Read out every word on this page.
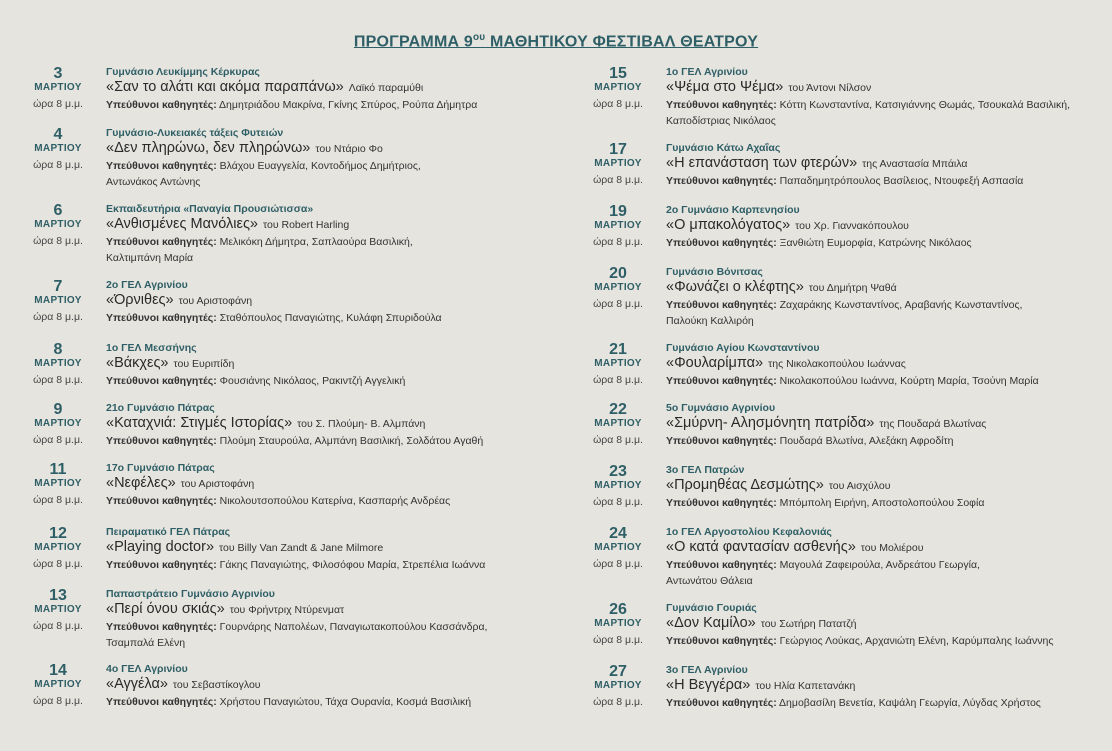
ΠΡΟΓΡΑΜΜΑ $9^{o\upsilon}$ ΜΑΘΗΤΙΚΟΥ ΦΕΣΤΙΒΑΛ ΘΕΑΤΡΟΥ
3
ΜΑΡΤΙΟΥ
ώρα 8 μ.μ.
Γυμνάσιο Λευκίμμης Κέρκυρας
«Σαν το αλάτι και ακόμα παραπάνω» Λαϊκό παραμύθι
Υπεύθυνοι καθηγητές: Δημητριάδου Μακρίνα, Γκίνης Σπύρος, Ρούπα Δήμητρα
4
ΜΑΡΤΙΟΥ
ώρα 8 μ.μ.
Γυμνάσιο-Λυκειακές τάξεις Φυτειών
«Δεν πληρώνω, δεν πληρώνω» του Ντάριο Φο
Υπεύθυνοι καθηγητές: Βλάχου Ευαγγελία, Κοντοδήμος Δημήτριος,
Αντωνάκος Αντώνης
6
ΜΑΡΤΙΟΥ
ώρα 8 μ.μ.
Εκπαιδευτήρια «Παναγία Προυσιώτισσα»
«Ανθισμένες Μανόλιες» του Robert Harling
Υπεύθυνοι καθηγητές: Μελικόκη Δήμητρα, Σαπλαούρα Βασιλική,
Καλτιμπάνη Μαρία
7
ΜΑΡΤΙΟΥ
ώρα 8 μ.μ.
2ο ΓΕΛ Αγρινίου
«Όρνιθες» του Αριστοφάνη
Υπεύθυνοι καθηγητές: Σταθόπουλος Παναγιώτης, Κυλάφη Σπυριδούλα
8
ΜΑΡΤΙΟΥ
ώρα 8 μ.μ.
1ο ΓΕΛ Μεσσήνης
«Βάκχες» του Ευριπίδη
Υπεύθυνοι καθηγητές: Φουσιάνης Νικόλαος, Ρακιντζή Αγγελική
9
ΜΑΡΤΙΟΥ
ώρα 8 μ.μ.
21ο Γυμνάσιο Πάτρας
«Καταχνιά: Στιγμές Ιστορίας» του Σ. Πλούμη- Β. Αλμπάνη
Υπεύθυνοι καθηγητές: Πλούμη Σταυρούλα, Αλμπάνη Βασιλική, Σολδάτου Αγαθή
11
ΜΑΡΤΙΟΥ
ώρα 8 μ.μ.
17ο Γυμνάσιο Πάτρας
«Νεφέλες» του Αριστοφάνη
Υπεύθυνοι καθηγητές: Νικολουτσοπούλου Κατερίνα, Κασπαρής Ανδρέας
12
ΜΑΡΤΙΟΥ
ώρα 8 μ.μ.
Πειραματικό ΓΕΛ Πάτρας
«Playing doctor» του Billy Van Zandt & Jane Milmore
Υπεύθυνοι καθηγητές: Γάκης Παναγιώτης, Φιλοσόφου Μαρία, Στρεπέλια Ιωάννα
13
ΜΑΡΤΙΟΥ
ώρα 8 μ.μ.
Παπαστράτειο Γυμνάσιο Αγρινίου
«Περί όνου σκιάς» του Φρήντριχ Ντύρενματ
Υπεύθυνοι καθηγητές: Γουρνάρης Ναπολέων, Παναγιωτακοπούλου Κασσάνδρα,
Τσαμπαλά Ελένη
14
ΜΑΡΤΙΟΥ
ώρα 8 μ.μ.
4ο ΓΕΛ Αγρινίου
«Αγγέλα» του Σεβαστίκογλου
Υπεύθυνοι καθηγητές: Χρήστου Παναγιώτου, Τάχα Ουρανία, Κοσμά Βασιλική
15
ΜΑΡΤΙΟΥ
ώρα 8 μ.μ.
1ο ΓΕΛ Αγρινίου
«Ψέμα στο Ψέμα» του Άντονι Νίλσον
Υπεύθυνοι καθηγητές: Κόττη Κωνσταντίνα, Κατσιγιάννης Θωμάς, Τσουκαλά Βασιλική,
Καποδίστριας Νικόλαος
17
ΜΑΡΤΙΟΥ
ώρα 8 μ.μ.
Γυμνάσιο Κάτω Αχαΐας
«Η επανάσταση των φτερών» της Αναστασία Μπάιλα
Υπεύθυνοι καθηγητές: Παπαδημητρόπουλος Βασίλειος, Ντουφεξή Ασπασία
19
ΜΑΡΤΙΟΥ
ώρα 8 μ.μ.
2ο Γυμνάσιο Καρπενησίου
«Ο μπακολόγατος» του Χρ. Γιαννακόπουλου
Υπεύθυνοι καθηγητές: Ξανθιώτη Ευμορφία, Κατρώνης Νικόλαος
20
ΜΑΡΤΙΟΥ
ώρα 8 μ.μ.
Γυμνάσιο Βόνιτσας
«Φωνάζει ο κλέφτης» του Δημήτρη Ψαθά
Υπεύθυνοι καθηγητές: Ζαχαράκης Κωνσταντίνος, Αραβανής Κωνσταντίνος,
Παλούκη Καλλιρόη
21
ΜΑΡΤΙΟΥ
ώρα 8 μ.μ.
Γυμνάσιο Αγίου Κωνσταντίνου
«Φουλαρίμπα» της Νικολακοπούλου Ιωάννας
Υπεύθυνοι καθηγητές: Νικολακοπούλου Ιωάννα, Κούρτη Μαρία, Τσούνη Μαρία
22
ΜΑΡΤΙΟΥ
ώρα 8 μ.μ.
5ο Γυμνάσιο Αγρινίου
«Σμύρνη- Αλησμόνητη πατρίδα» της Πουδαρά Βλωτίνας
Υπεύθυνοι καθηγητές: Πουδαρά Βλωτίνα, Αλεξάκη Αφροδίτη
23
ΜΑΡΤΙΟΥ
ώρα 8 μ.μ.
3ο ΓΕΛ Πατρών
«Προμηθέας Δεσμώτης» του Αισχύλου
Υπεύθυνοι καθηγητές: Μπόμπολη Ειρήνη, Αποστολοπούλου Σοφία
24
ΜΑΡΤΙΟΥ
ώρα 8 μ.μ.
1ο ΓΕΛ Αργοστολίου Κεφαλονιάς
«Ο κατά φαντασίαν ασθενής» του Μολιέρου
Υπεύθυνοι καθηγητές: Μαγουλά Ζαφειρούλα, Ανδρεάτου Γεωργία,
Αντωνάτου Θάλεια
26
ΜΑΡΤΙΟΥ
ώρα 8 μ.μ.
Γυμνάσιο Γουριάς
«Δον Καμίλο» του Σωτήρη Πατατζή
Υπεύθυνοι καθηγητές: Γεώργιος Λούκας, Αρχανιώτη Ελένη, Καρύμπαλης Ιωάννης
27
ΜΑΡΤΙΟΥ
ώρα 8 μ.μ.
3ο ΓΕΛ Αγρινίου
«Η Βεγγέρα» του Ηλία Καπετανάκη
Υπεύθυνοι καθηγητές: Δημοβασίλη Βενετία, Καψάλη Γεωργία, Λύγδας Χρήστος
